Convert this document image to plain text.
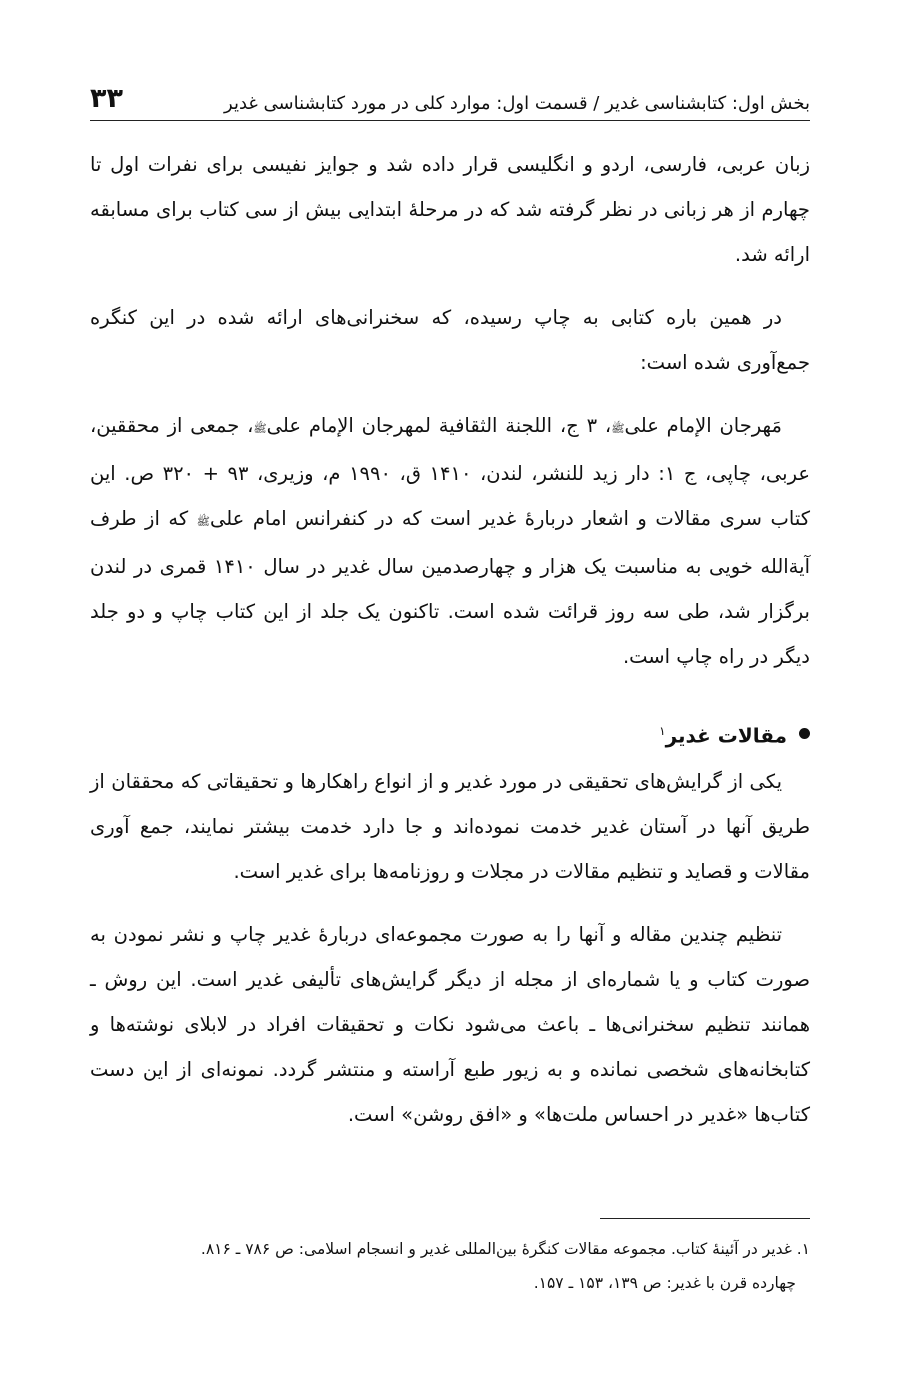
۳۳	بخش اول: کتابشناسی غدیر / قسمت اول: موارد کلی در مورد کتابشناسی غدیر

زبان عربی، فارسی، اردو و انگلیسی قرار داده شد و جوایز نفیسی برای نفرات اول تا چهارم از هر زبانی در نظر گرفته شد که در مرحلۀ ابتدایی بیش از سی کتاب برای مسابقه ارائه شد.

در همین باره کتابی به چاپ رسیده، که سخنرانی‌های ارائه شده در این کنگره جمع‌آوری شده است:

مَهرجان الإمام علیﷺ، ۳ ج، اللجنة الثقافیة لمهرجان الإمام علیﷺ، جمعی از محققین، عربی، چاپی، ج ۱: دار زید للنشر، لندن، ۱۴۱۰ ق، ۱۹۹۰ م، وزیری، ۹۳ + ۳۲۰ ص. این کتاب سری مقالات و اشعار دربارۀ غدیر است که در کنفرانس امام علیﷺ که از طرف آیة‌الله خویی به مناسبت یک هزار و چهارصدمین سال غدیر در سال ۱۴۱۰ قمری در لندن برگزار شد، طی سه روز قرائت شده است. تاکنون یک جلد از این کتاب چاپ و دو جلد دیگر در راه چاپ است.

مقالات غدیر$^۱$

یکی از گرایش‌های تحقیقی در مورد غدیر و از انواع راهکارها و تحقیقاتی که محققان از طریق آنها در آستان غدیر خدمت نموده‌اند و جا دارد خدمت بیشتر نمایند، جمع آوری مقالات و قصاید و تنظیم مقالات در مجلات و روزنامه‌ها برای غدیر است.

تنظیم چندین مقاله و آنها را به صورت مجموعه‌ای دربارۀ غدیر چاپ و نشر نمودن به صورت کتاب و یا شماره‌ای از مجله از دیگر گرایش‌های تألیفی غدیر است. این روش ـ همانند تنظیم سخنرانی‌ها ـ باعث می‌شود نکات و تحقیقات افراد در لابلای نوشته‌ها و کتابخانه‌های شخصی نمانده و به زیور طبع آراسته و منتشر گردد. نمونه‌ای از این دست کتاب‌ها «غدیر در احساس ملت‌ها» و «افق روشن» است.

۱. غدیر در آئینۀ کتاب. مجموعه مقالات کنگرۀ بین‌المللی غدیر و انسجام اسلامی: ص ۷۸۶ ـ ۸۱۶.

چهارده قرن با غدیر: ص ۱۳۹، ۱۵۳ ـ ۱۵۷.
